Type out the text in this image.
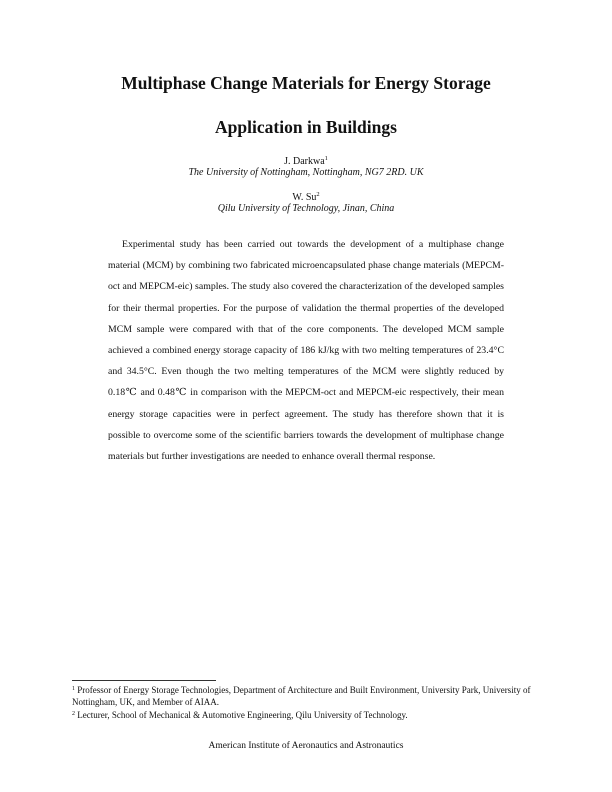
Multiphase Change Materials for Energy Storage
Application in Buildings
J. Darkwa$^1$
The University of Nottingham, Nottingham, NG7 2RD. UK
W. Su$^2$
Qilu University of Technology, Jinan, China

Experimental study has been carried out towards the development of a multiphase change material (MCM) by combining two fabricated microencapsulated phase change materials (MEPCM-oct and MEPCM-eic) samples. The study also covered the characterization of the developed samples for their thermal properties. For the purpose of validation the thermal properties of the developed MCM sample were compared with that of the core components. The developed MCM sample achieved a combined energy storage capacity of 186 kJ/kg with two melting temperatures of 23.4°C and 34.5°C. Even though the two melting temperatures of the MCM were slightly reduced by 0.18℃ and 0.48℃ in comparison with the MEPCM-oct and MEPCM-eic respectively, their mean energy storage capacities were in perfect agreement. The study has therefore shown that it is possible to overcome some of the scientific barriers towards the development of multiphase change materials but further investigations are needed to enhance overall thermal response.

$^1$ Professor of Energy Storage Technologies, Department of Architecture and Built Environment, University Park, University of Nottingham, UK, and Member of AIAA.

$^2$ Lecturer, School of Mechanical & Automotive Engineering, Qilu University of Technology.

American Institute of Aeronautics and Astronautics
